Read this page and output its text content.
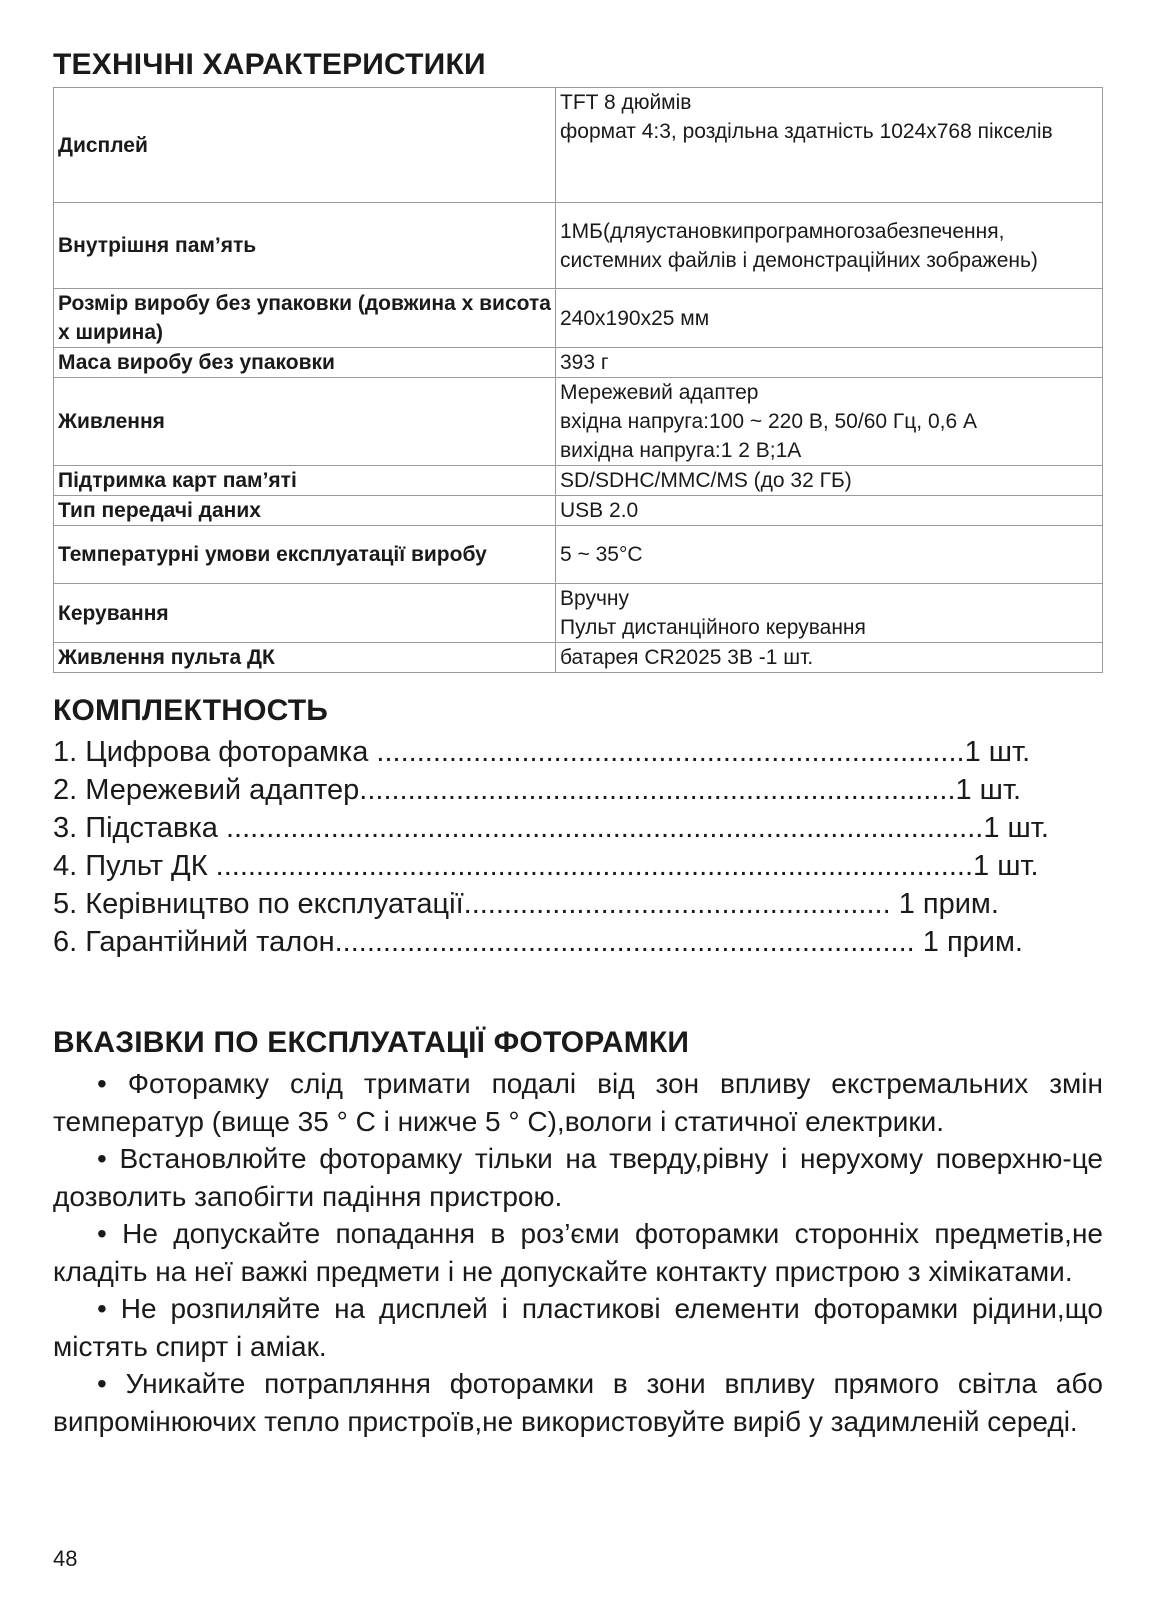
ТЕХНІЧНІ ХАРАКТЕРИСТИКИ
Дисплей	TFT 8 дюймів
формат 4:3, роздільна здатність 1024x768 пікселів
Внутрішня пам’ять	1МБ(дляустановкипрограмногозабезпечення, системних файлів і демонстраційних зображень)
Розмір виробу без упаковки (довжина х висота х ширина)	240x190x25 мм
Маса виробу без упаковки	393 г
Живлення	Мережевий адаптер
вхідна напруга:100 ~ 220 В, 50/60 Гц, 0,6 А
вихідна напруга:1 2 В;1А
Підтримка карт пам’яті	SD/SDHC/MMC/MS (до 32 ГБ)
Тип передачі даних	USB 2.0
Температурні умови експлуатації виробу	5 ~ 35°C
Керування	Вручну
Пульт дистанційного керування
Живлення пульта ДК	батарея CR2025 3В -1 шт.
КОМПЛЕКТНОСТЬ
1. Цифрова фоторамка .........................................................................1 шт.
2. Мережевий адаптер..........................................................................1 шт.
3. Підставка ..............................................................................................1 шт.
4. Пульт ДК ..............................................................................................1 шт.
5. Керівництво по експлуатації..................................................... 1 прим.
6. Гарантійний талон........................................................................ 1 прим.
ВКАЗІВКИ ПО ЕКСПЛУАТАЦІЇ ФОТОРАМКИ

• Фоторамку слід тримати подалі від зон впливу екстремальних змін температур (вище 35 ° C і нижче 5 ° C),вологи і статичної електрики.

• Встановлюйте фоторамку тільки на тверду,рівну і нерухому поверхню-це дозволить запобігти падіння пристрою.

• Не допускайте попадання в роз’єми фоторамки сторонніх предметів,не кладіть на неї важкі предмети і не допускайте контакту пристрою з хімікатами.

• Не розпиляйте на дисплей і пластикові елементи фоторамки рідини,що містять спирт і аміак.

• Уникайте потрапляння фоторамки в зони впливу прямого світла або випромінюючих тепло пристроїв,не використовуйте виріб у задимленій середі.

48
